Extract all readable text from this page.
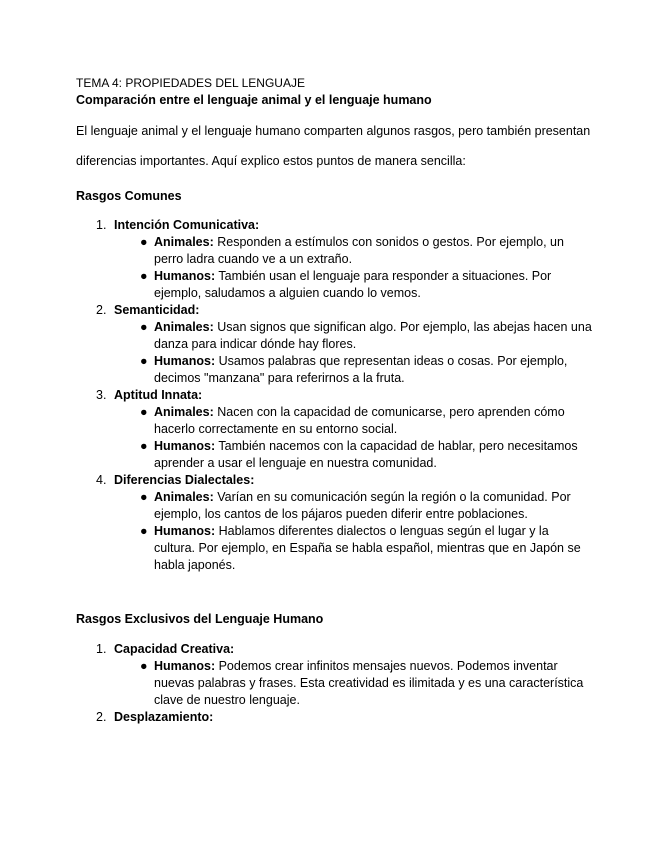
TEMA 4: PROPIEDADES DEL LENGUAJE
Comparación entre el lenguaje animal y el lenguaje humano
El lenguaje animal y el lenguaje humano comparten algunos rasgos, pero también presentan diferencias importantes. Aquí explico estos puntos de manera sencilla:
Rasgos Comunes
1. Intención Comunicativa:
● Animales: Responden a estímulos con sonidos o gestos. Por ejemplo, un perro ladra cuando ve a un extraño.
● Humanos: También usan el lenguaje para responder a situaciones. Por ejemplo, saludamos a alguien cuando lo vemos.
2. Semanticidad:
● Animales: Usan signos que significan algo. Por ejemplo, las abejas hacen una danza para indicar dónde hay flores.
● Humanos: Usamos palabras que representan ideas o cosas. Por ejemplo, decimos "manzana" para referirnos a la fruta.
3. Aptitud Innata:
● Animales: Nacen con la capacidad de comunicarse, pero aprenden cómo hacerlo correctamente en su entorno social.
● Humanos: También nacemos con la capacidad de hablar, pero necesitamos aprender a usar el lenguaje en nuestra comunidad.
4. Diferencias Dialectales:
● Animales: Varían en su comunicación según la región o la comunidad. Por ejemplo, los cantos de los pájaros pueden diferir entre poblaciones.
● Humanos: Hablamos diferentes dialectos o lenguas según el lugar y la cultura. Por ejemplo, en España se habla español, mientras que en Japón se habla japonés.
Rasgos Exclusivos del Lenguaje Humano
1. Capacidad Creativa:
● Humanos: Podemos crear infinitos mensajes nuevos. Podemos inventar nuevas palabras y frases. Esta creatividad es ilimitada y es una característica clave de nuestro lenguaje.
2. Desplazamiento:
